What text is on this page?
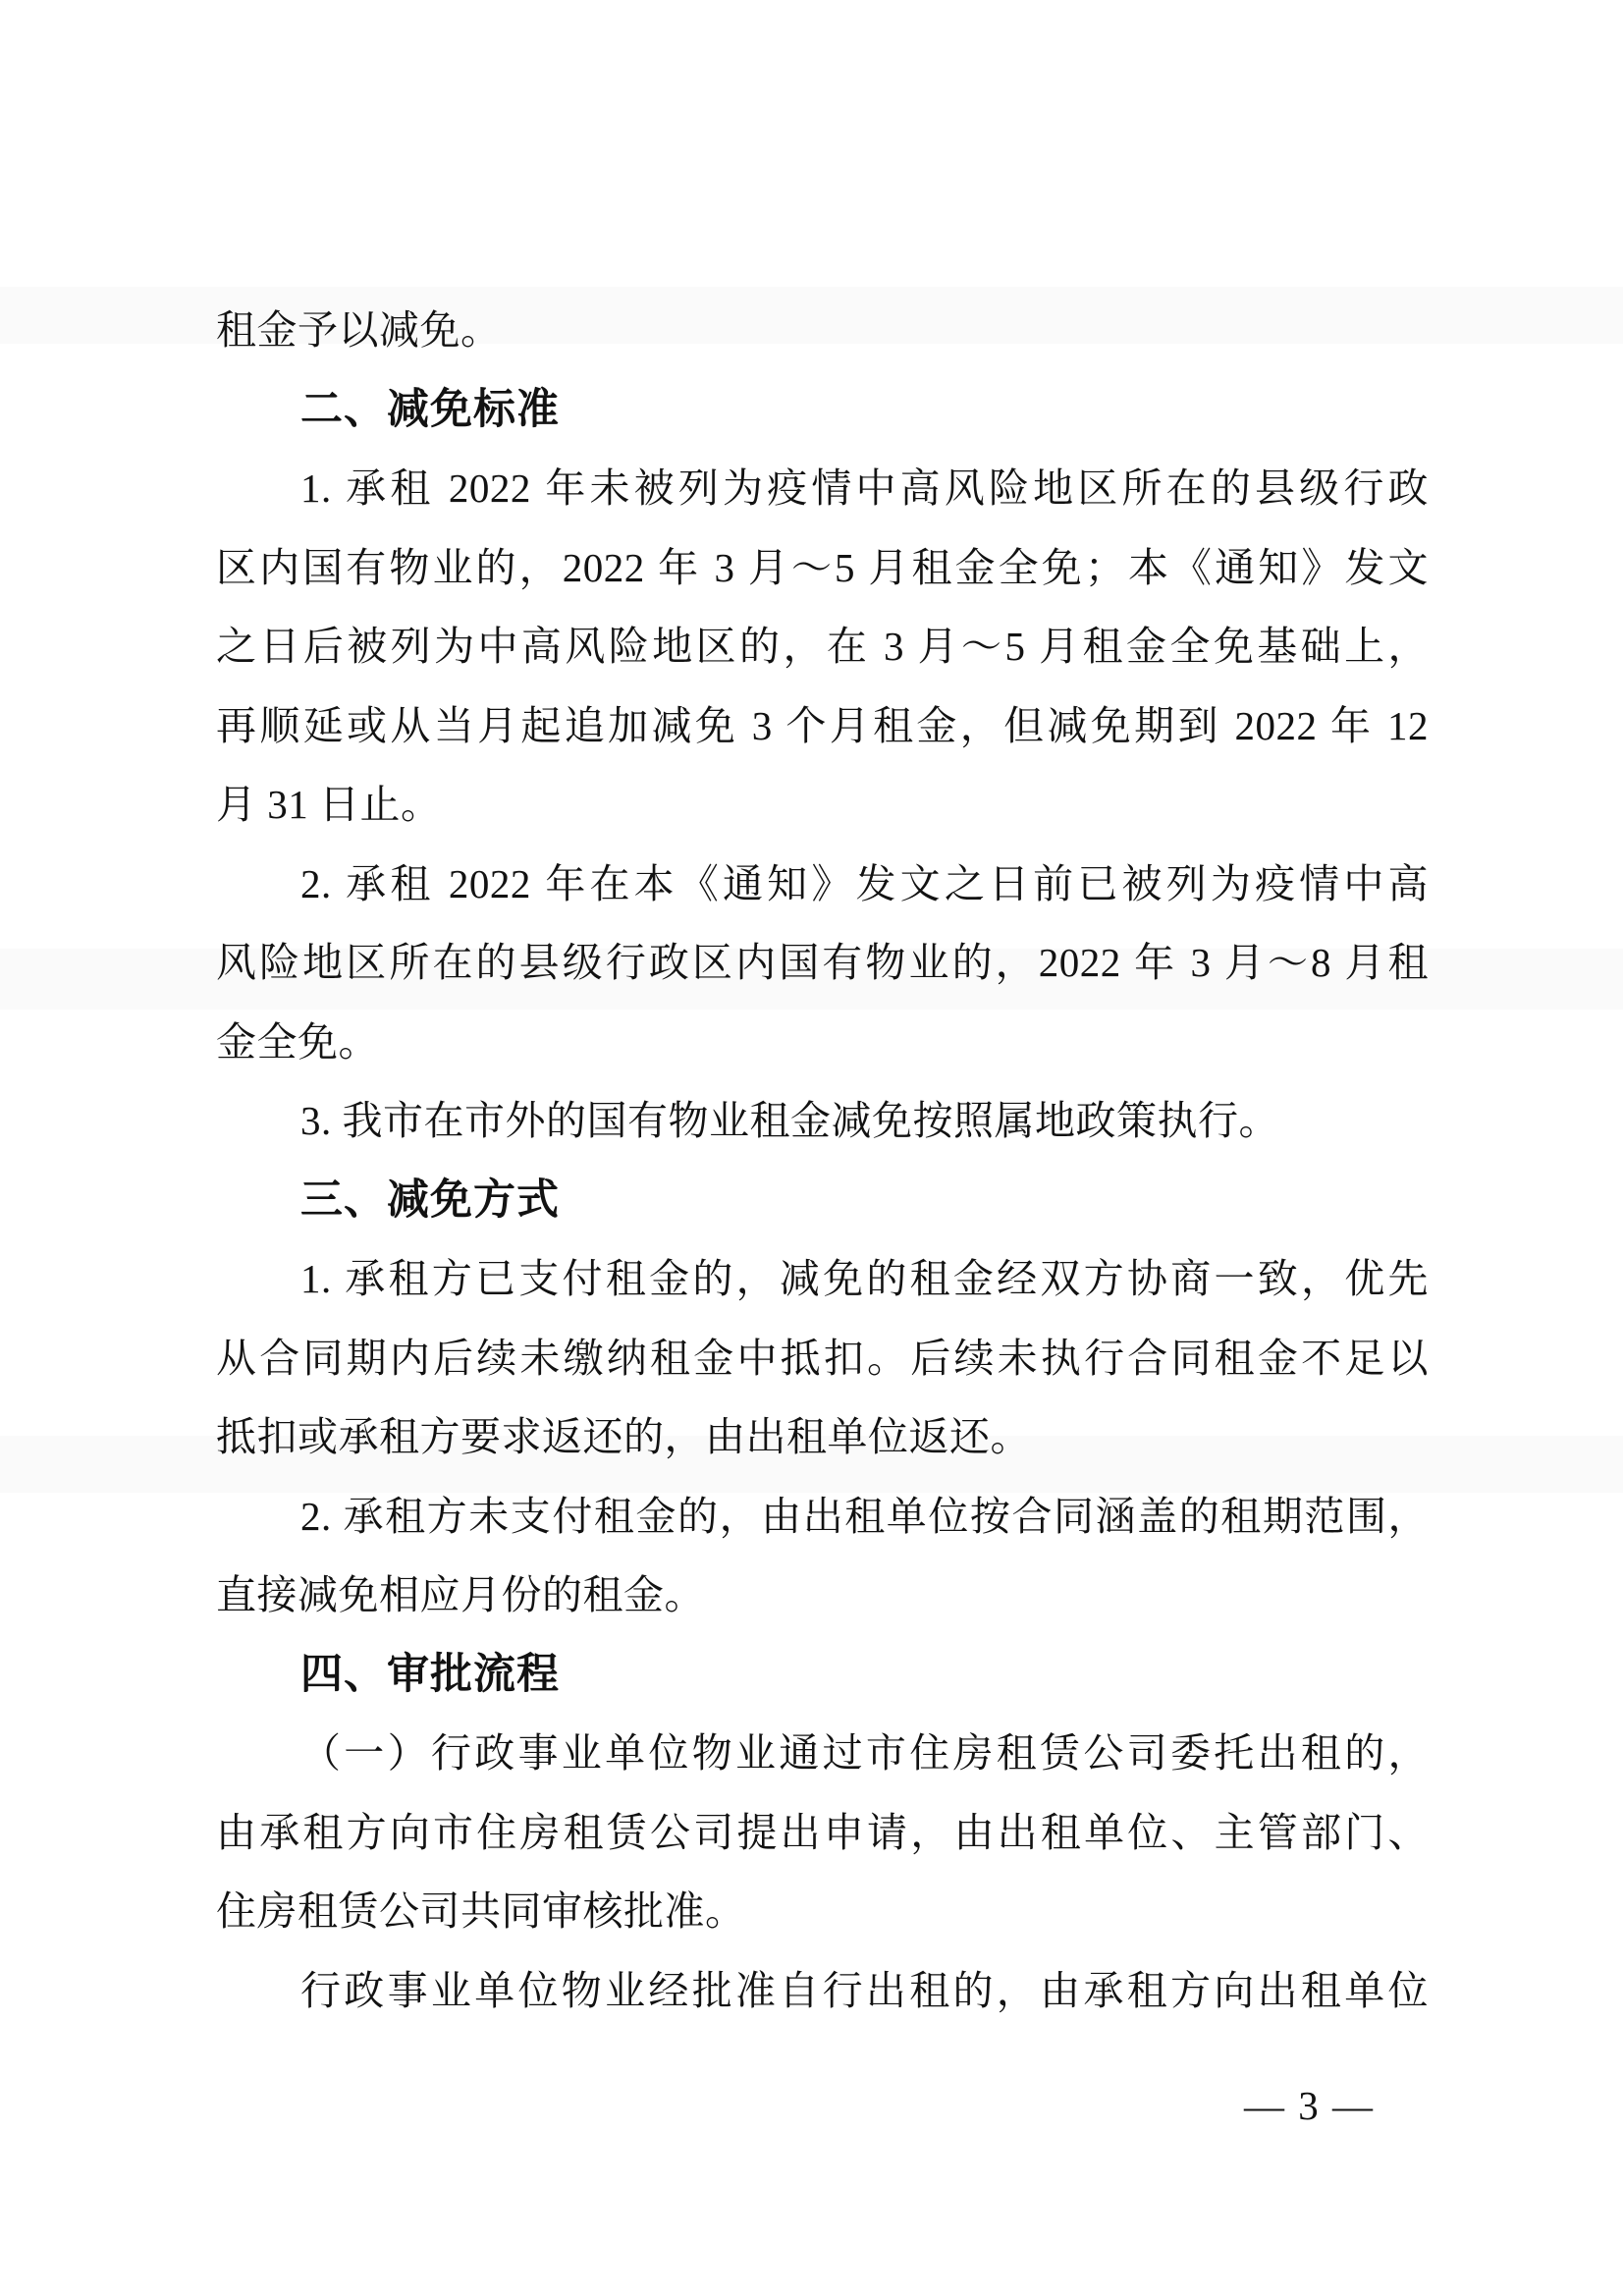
租金予以减免。
二、减免标准
1. 承租 2022 年未被列为疫情中高风险地区所在的县级行政
区内国有物业的，2022 年 3 月～5 月租金全免；本《通知》发文
之日后被列为中高风险地区的，在 3 月～5 月租金全免基础上，
再顺延或从当月起追加减免 3 个月租金，但减免期到 2022 年 12
月 31 日止。
2. 承租 2022 年在本《通知》发文之日前已被列为疫情中高
风险地区所在的县级行政区内国有物业的，2022 年 3 月～8 月租
金全免。
3. 我市在市外的国有物业租金减免按照属地政策执行。
三、减免方式
1. 承租方已支付租金的，减免的租金经双方协商一致，优先
从合同期内后续未缴纳租金中抵扣。后续未执行合同租金不足以
抵扣或承租方要求返还的，由出租单位返还。
2. 承租方未支付租金的，由出租单位按合同涵盖的租期范围，
直接减免相应月份的租金。
四、审批流程
（一）行政事业单位物业通过市住房租赁公司委托出租的，
由承租方向市住房租赁公司提出申请，由出租单位、主管部门、
住房租赁公司共同审核批准。
行政事业单位物业经批准自行出租的，由承租方向出租单位
— 3 —
